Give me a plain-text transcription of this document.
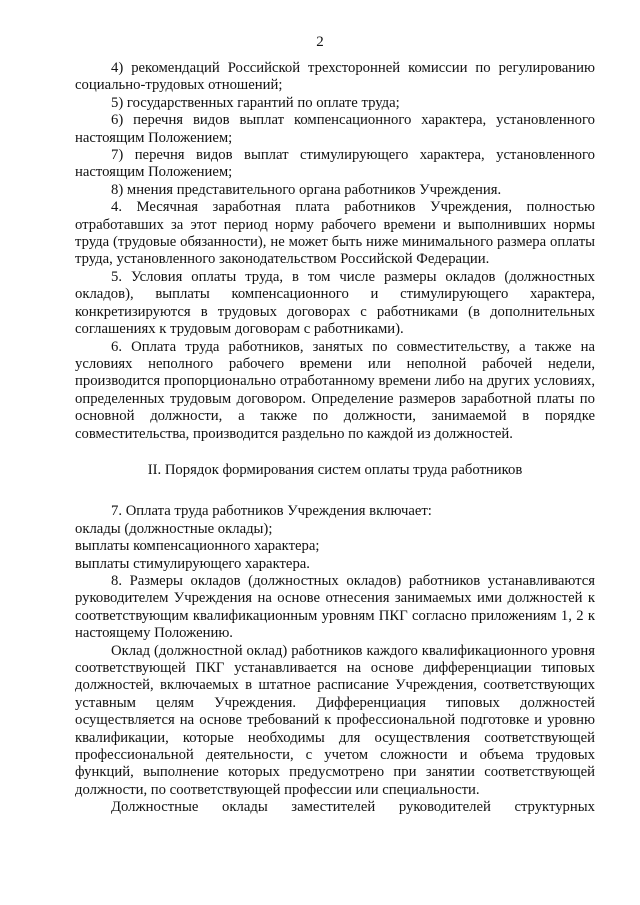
2

4) рекомендаций Российской трехсторонней комиссии по регулированию социально-трудовых отношений;

5) государственных гарантий по оплате труда;

6) перечня видов выплат компенсационного характера, установленного настоящим Положением;

7) перечня видов выплат стимулирующего характера, установленного настоящим Положением;

8) мнения представительного органа работников Учреждения.

4. Месячная заработная плата работников Учреждения, полностью отработавших за этот период норму рабочего времени и выполнивших нормы труда (трудовые обязанности), не может быть ниже минимального размера оплаты труда, установленного законодательством Российской Федерации.

5. Условия оплаты труда, в том числе размеры окладов (должностных окладов), выплаты компенсационного и стимулирующего характера, конкретизируются в трудовых договорах с работниками (в дополнительных соглашениях к трудовым договорам с работниками).

6. Оплата труда работников, занятых по совместительству, а также на условиях неполного рабочего времени или неполной рабочей недели, производится пропорционально отработанному времени либо на других условиях, определенных трудовым договором. Определение размеров заработной платы по основной должности, а также по должности, занимаемой в порядке совместительства, производится раздельно по каждой из должностей.

II. Порядок формирования систем оплаты труда работников

7. Оплата труда работников Учреждения включает:

оклады (должностные оклады);

выплаты компенсационного характера;

выплаты стимулирующего характера.

8. Размеры окладов (должностных окладов) работников устанавливаются руководителем Учреждения на основе отнесения занимаемых ими должностей к соответствующим квалификационным уровням ПКГ согласно приложениям 1, 2 к настоящему Положению.

Оклад (должностной оклад) работников каждого квалификационного уровня соответствующей ПКГ устанавливается на основе дифференциации типовых должностей, включаемых в штатное расписание Учреждения, соответствующих уставным целям Учреждения. Дифференциация типовых должностей осуществляется на основе требований к профессиональной подготовке и уровню квалификации, которые необходимы для осуществления соответствующей профессиональной деятельности, с учетом сложности и объема трудовых функций, выполнение которых предусмотрено при занятии соответствующей должности, по соответствующей профессии или специальности.

Должностные оклады заместителей руководителей структурных
